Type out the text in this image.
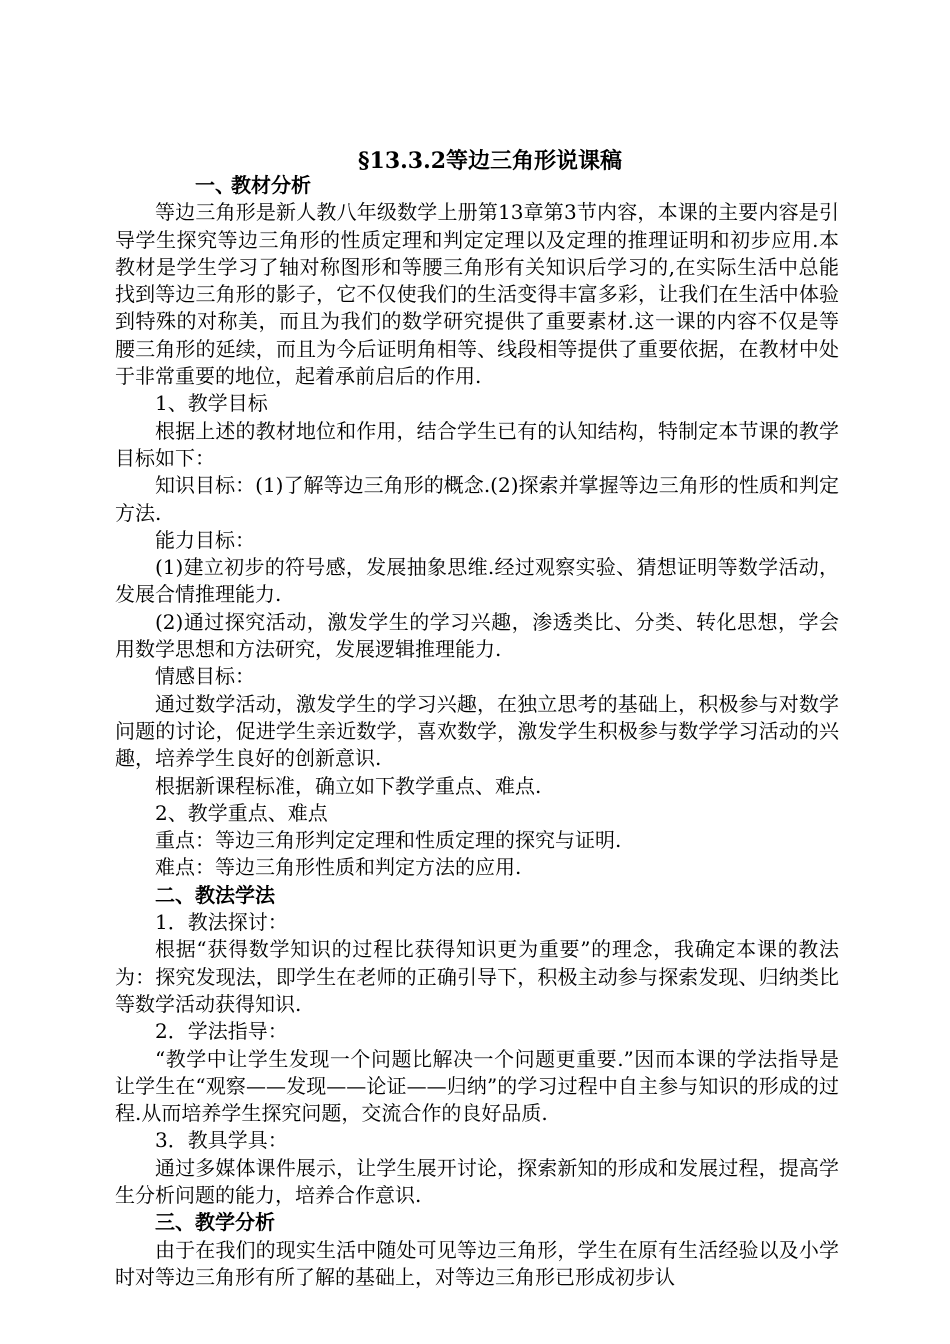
§13.3.2等边三角形说课稿

一、教材分析

等边三角形是新人教八年级数学上册第13章第3节内容，本课的主要内容是引导学生探究等边三角形的性质定理和判定定理以及定理的推理证明和初步应用.本教材是学生学习了轴对称图形和等腰三角形有关知识后学习的,在实际生活中总能找到等边三角形的影子，它不仅使我们的生活变得丰富多彩，让我们在生活中体验到特殊的对称美，而且为我们的数学研究提供了重要素材.这一课的内容不仅是等腰三角形的延续，而且为今后证明角相等、线段相等提供了重要依据，在教材中处于非常重要的地位，起着承前启后的作用.

1、教学目标

根据上述的教材地位和作用，结合学生已有的认知结构，特制定本节课的教学目标如下：

知识目标：(1)了解等边三角形的概念.(2)探索并掌握等边三角形的性质和判定方法.

能力目标：

(1)建立初步的符号感，发展抽象思维.经过观察实验、猜想证明等数学活动，发展合情推理能力.

(2)通过探究活动，激发学生的学习兴趣，渗透类比、分类、转化思想，学会用数学思想和方法研究，发展逻辑推理能力.

情感目标：

通过数学活动，激发学生的学习兴趣，在独立思考的基础上，积极参与对数学问题的讨论，促进学生亲近数学，喜欢数学，激发学生积极参与数学学习活动的兴趣，培养学生良好的创新意识.

根据新课程标准，确立如下教学重点、难点.

2、教学重点、难点

重点：等边三角形判定定理和性质定理的探究与证明.

难点：等边三角形性质和判定方法的应用.

二、教法学法

1．教法探讨：

根据“获得数学知识的过程比获得知识更为重要”的理念，我确定本课的教法为：探究发现法，即学生在老师的正确引导下，积极主动参与探索发现、归纳类比等数学活动获得知识.

2．学法指导：

“教学中让学生发现一个问题比解决一个问题更重要.”因而本课的学法指导是让学生在“观察——发现——论证——归纳”的学习过程中自主参与知识的形成的过程.从而培养学生探究问题，交流合作的良好品质.

3．教具学具：

通过多媒体课件展示，让学生展开讨论，探索新知的形成和发展过程，提高学生分析问题的能力，培养合作意识.

三、教学分析

由于在我们的现实生活中随处可见等边三角形，学生在原有生活经验以及小学时对等边三角形有所了解的基础上，对等边三角形已形成初步认
